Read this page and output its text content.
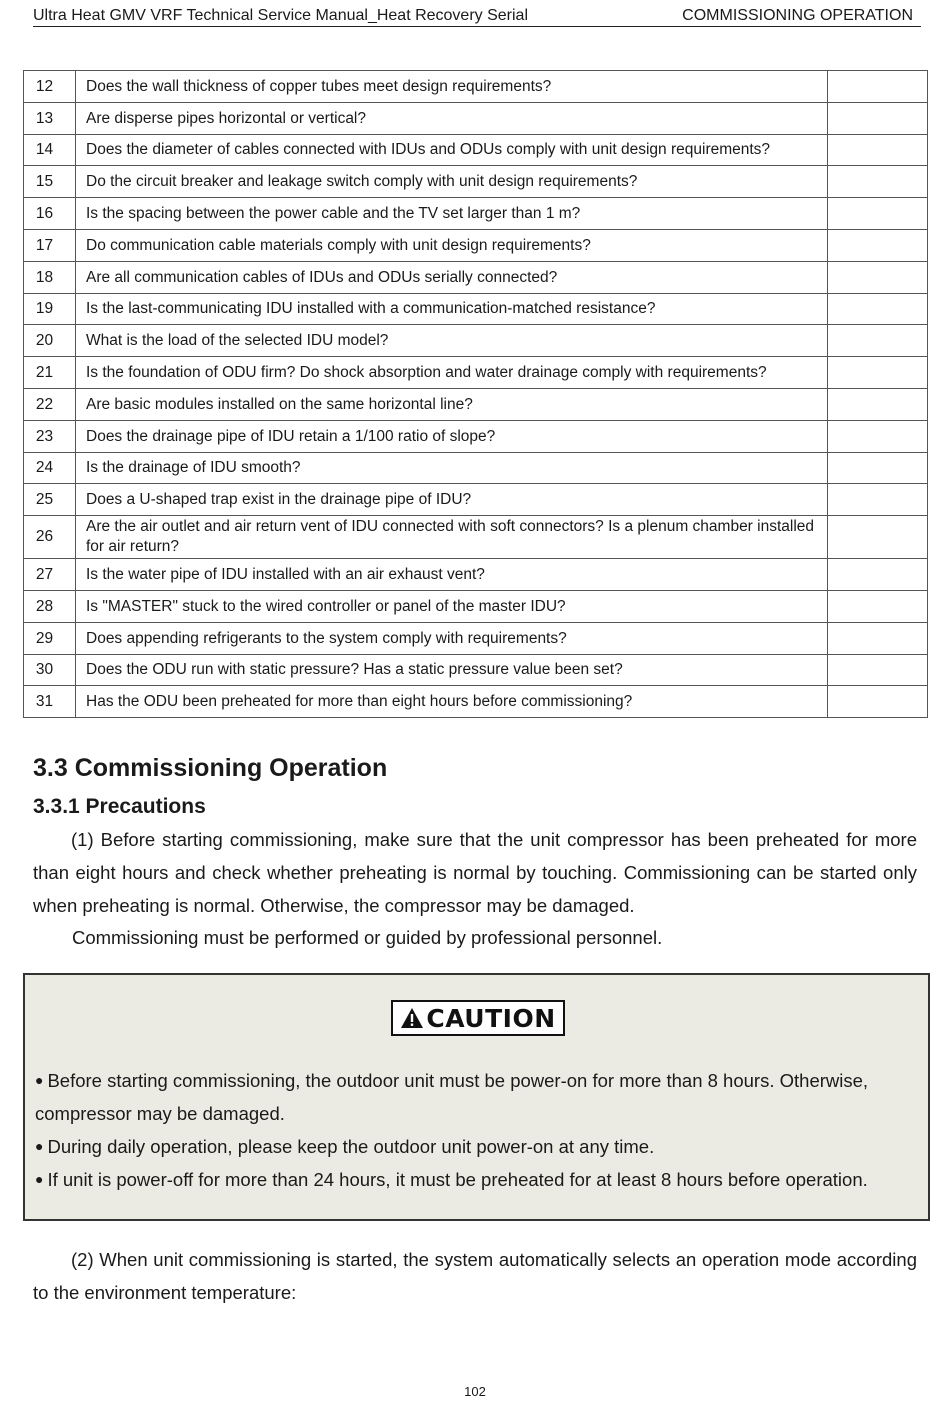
Ultra Heat GMV VRF Technical Service Manual_Heat Recovery Serial	COMMISSIONING OPERATION
12	Does the wall thickness of copper tubes meet design requirements?	
13	Are disperse pipes horizontal or vertical?	
14	Does the diameter of cables connected with IDUs and ODUs comply with unit design requirements?	
15	Do the circuit breaker and leakage switch comply with unit design requirements?	
16	Is the spacing between the power cable and the TV set larger than 1 m?	
17	Do communication cable materials comply with unit design requirements?	
18	Are all communication cables of IDUs and ODUs serially connected?	
19	Is the last-communicating IDU installed with a communication-matched resistance?	
20	What is the load of the selected IDU model?	
21	Is the foundation of ODU firm? Do shock absorption and water drainage comply with requirements?	
22	Are basic modules installed on the same horizontal line?	
23	Does the drainage pipe of IDU retain a 1/100 ratio of slope?	
24	Is the drainage of IDU smooth?	
25	Does a U-shaped trap exist in the drainage pipe of IDU?	
26	Are the air outlet and air return vent of IDU connected with soft connectors? Is a plenum chamber installed for air return?	
27	Is the water pipe of IDU installed with an air exhaust vent?	
28	Is "MASTER" stuck to the wired controller or panel of the master IDU?	
29	Does appending refrigerants to the system comply with requirements?	
30	Does the ODU run with static pressure? Has a static pressure value been set?	
31	Has the ODU been preheated for more than eight hours before commissioning?	
3.3 Commissioning Operation
3.3.1 Precautions
(1) Before starting commissioning, make sure that the unit compressor has been preheated for more than eight hours and check whether preheating is normal by touching. Commissioning can be started only when preheating is normal. Otherwise, the compressor may be damaged.
Commissioning must be performed or guided by professional personnel.
CAUTION

● Before starting commissioning, the outdoor unit must be power-on for more than 8 hours. Otherwise, compressor may be damaged.

● During daily operation, please keep the outdoor unit power-on at any time.

● If unit is power-off for more than 24 hours, it must be preheated for at least 8 hours before operation.

(2) When unit commissioning is started, the system automatically selects an operation mode according to the environment temperature:
102
